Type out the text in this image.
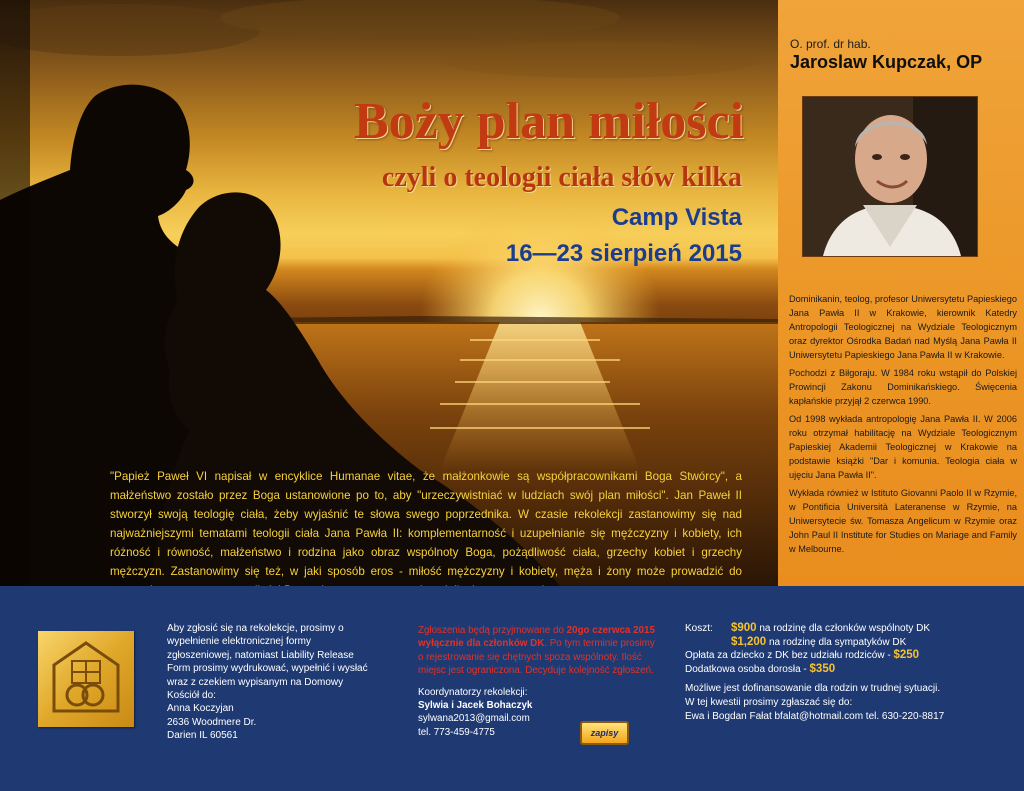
Boży plan miłości
czyli o teologii ciała słów kilka
Camp Vista
16—23 sierpień 2015
"Papież Paweł VI napisał w encyklice Humanae vitae, że małżonkowie są współpracownikami Boga Stwórcy", a małżeństwo zostało przez Boga ustanowione po to, aby "urzeczywistniać w ludziach swój plan miłości". Jan Paweł II stworzył swoją teologię ciała, żeby wyjaśnić te słowa swego poprzednika. W czasie rekolekcji zastanowimy się nad najważniejszymi tematami teologii ciała Jana Pawła II: komplementarność i uzupełnianie się mężczyzny i kobiety, ich różność i równość, małżeństwo i rodzina jako obraz wspólnoty Boga, pożądliwość ciała, grzechy kobiet i grzechy mężczyzn. Zastanowimy się też, w jaki sposób eros - miłość mężczyzny i kobiety, męża i żony może prowadzić do
O. prof. dr hab.
Jaroslaw Kupczak, OP

Dominikanin, teolog, profesor Uniwersytetu Papieskiego Jana Pawła II w Krakowie, kierownik Katedry Antropologii Teologicznej na Wydziale Teologicznym oraz dyrektor Ośrodka Badań nad Myślą Jana Pawła II Uniwersytetu Papieskiego Jana Pawła II w Krakowie.

Pochodzi z Biłgoraju. W 1984 roku wstąpił do Polskiej Prowincji Zakonu Dominikańskiego. Święcenia kapłańskie przyjął 2 czerwca 1990.

Od 1998 wykłada antropologię Jana Pawła II. W 2006 roku otrzymał habilitację na Wydziale Teologicznym Papieskiej Akademii Teologicznej w Krakowie na podstawie książki "Dar i komunia. Teologia ciała w ujęciu Jana Pawła II".

Wykłada również w Istituto Giovanni Paolo II w Rzymie, w Pontificia Università Lateranense w Rzymie, na Uniwersytecie św. Tomasza Angelicum w Rzymie oraz John Paul II Institute for Studies on Mariage and Family w Melbourne.

Aby zgłosić się na rekolekcje, prosimy o
wypełnienie elektronicznej formy
zgłoszeniowej, natomiast Liability Release
Form prosimy wydrukować, wypełnić i wysłać
wraz z czekiem wypisanym na Domowy
Kościół do:
Anna Koczyjan
2636 Woodmere Dr.
Darien IL 60561
Zgłoszenia będą przyjmowane do 20go czerwca 2015 wyłącznie dla członków DK. Po tym terminie prosimy o rejestrowanie się chętnych spoza wspólnoty. Ilość miejsc jest ograniczona. Decyduje kolejność zgłoszeń.
Koordynatorzy rekolekcji:
Sylwia i Jacek Bohaczyk
sylwana2013@gmail.com
tel. 773-459-4775	zapisy
Koszt:	$900 na rodzinę dla członków wspólnoty DK
$1,200 na rodzinę dla sympatyków DK
Opłata za dziecko z DK bez udziału rodziców - $250
Dodatkowa osoba dorosła - $350
Możliwe jest dofinansowanie dla rodzin w trudnej sytuacji.
W tej kwestii prosimy zgłaszać się do:
Ewa i Bogdan Fałat bfalat@hotmail.com tel. 630-220-8817
